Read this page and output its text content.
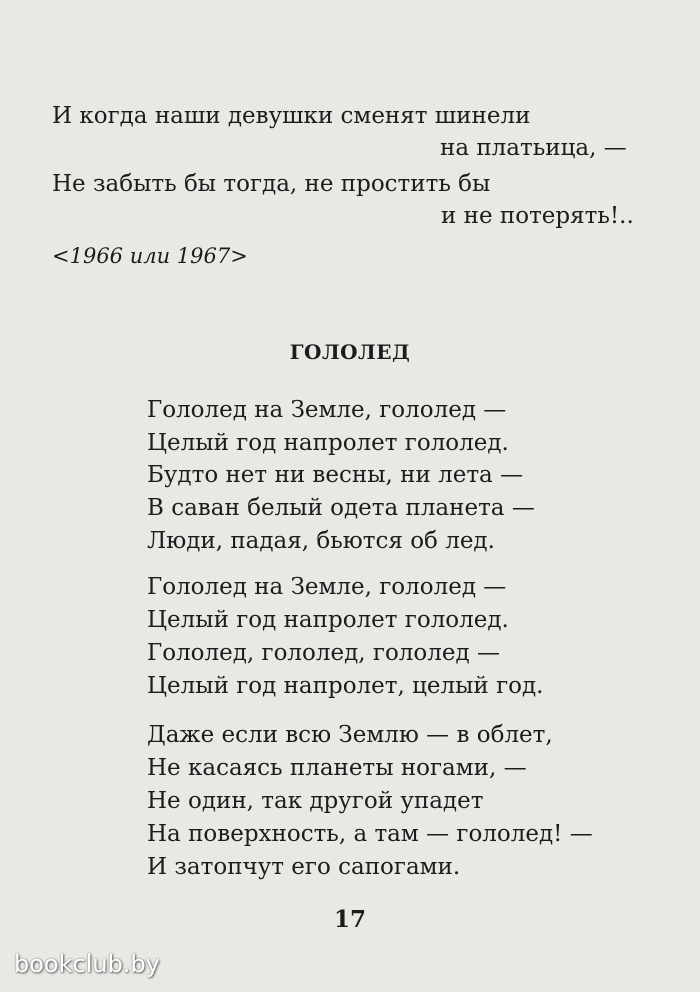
И когда наши девушки сменят шинели
на платьица, —
Не забыть бы тогда, не простить бы
и не потерять!..
<1966 или 1967>
ГОЛОЛЕД
Гололед на Земле, гололед —
Целый год напролет гололед.
Будто нет ни весны, ни лета —
В саван белый одета планета —
Люди, падая, бьются об лед.
Гололед на Земле, гололед —
Целый год напролет гололед.
Гололед, гололед, гололед —
Целый год напролет, целый год.
Даже если всю Землю — в облет,
Не касаясь планеты ногами, —
Не один, так другой упадет
На поверхность, а там — гололед! —
И затопчут его сапогами.
17
bookclub.by
